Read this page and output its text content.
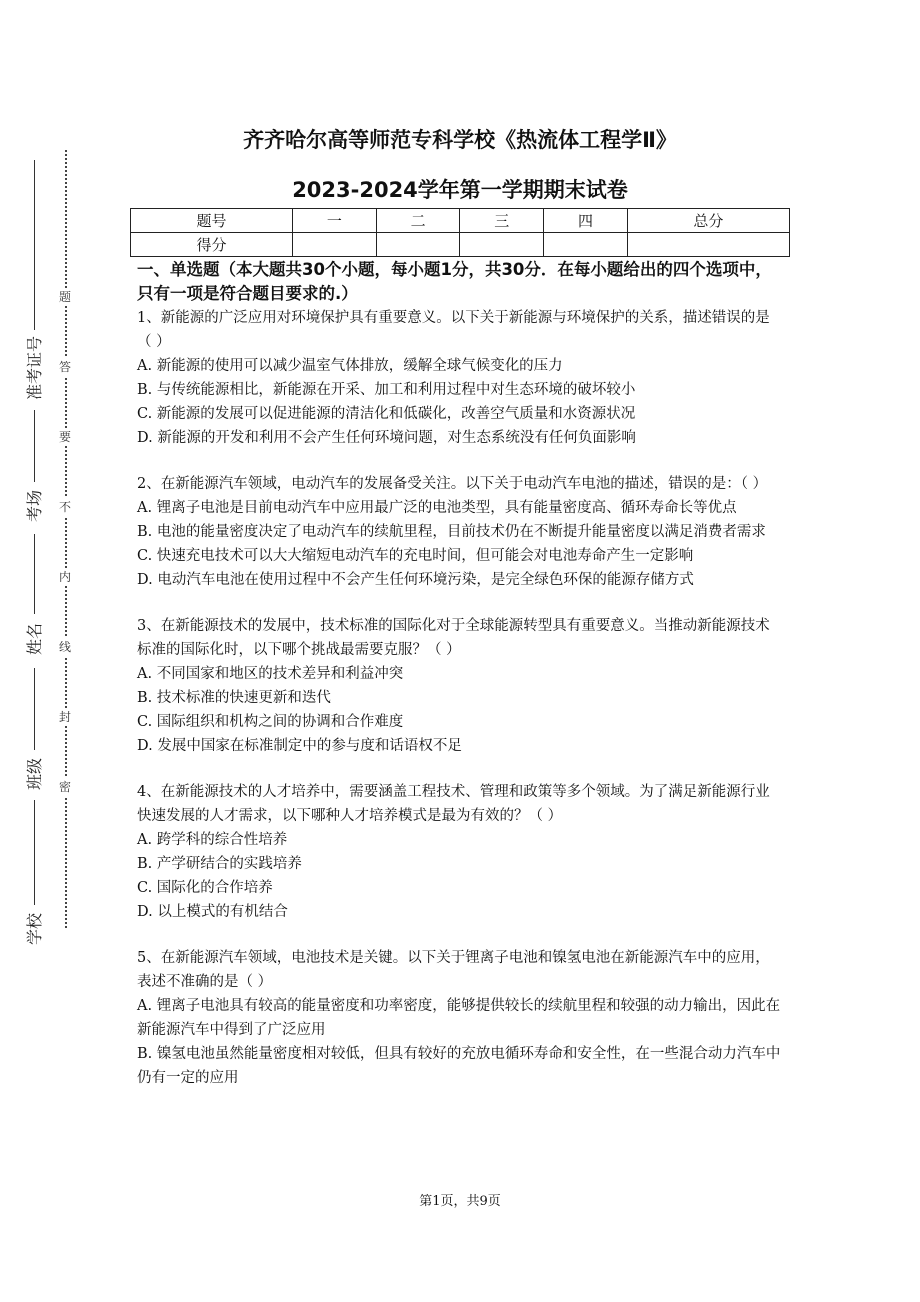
准考证号
考场
姓名
班级
学校
题
答
要
不
内
线
封
密
齐齐哈尔高等师范专科学校《热流体工程学Ⅱ》
2023-2024学年第一学期期末试卷
题号	一	二	三	四	总分
得分					
一、单选题（本大题共30个小题，每小题1分，共30分．在每小题给出的四个选项中，只有一项是符合题目要求的.）

1、新能源的广泛应用对环境保护具有重要意义。以下关于新能源与环境保护的关系，描述错误的是（ ）

A. 新能源的使用可以减少温室气体排放，缓解全球气候变化的压力

B. 与传统能源相比，新能源在开采、加工和利用过程中对生态环境的破坏较小

C. 新能源的发展可以促进能源的清洁化和低碳化，改善空气质量和水资源状况

D. 新能源的开发和利用不会产生任何环境问题，对生态系统没有任何负面影响

2、在新能源汽车领域，电动汽车的发展备受关注。以下关于电动汽车电池的描述，错误的是：（ ）

A. 锂离子电池是目前电动汽车中应用最广泛的电池类型，具有能量密度高、循环寿命长等优点

B. 电池的能量密度决定了电动汽车的续航里程，目前技术仍在不断提升能量密度以满足消费者需求

C. 快速充电技术可以大大缩短电动汽车的充电时间，但可能会对电池寿命产生一定影响

D. 电动汽车电池在使用过程中不会产生任何环境污染，是完全绿色环保的能源存储方式

3、在新能源技术的发展中，技术标准的国际化对于全球能源转型具有重要意义。当推动新能源技术标准的国际化时，以下哪个挑战最需要克服？（ ）

A. 不同国家和地区的技术差异和利益冲突

B. 技术标准的快速更新和迭代

C. 国际组织和机构之间的协调和合作难度

D. 发展中国家在标准制定中的参与度和话语权不足

4、在新能源技术的人才培养中，需要涵盖工程技术、管理和政策等多个领域。为了满足新能源行业快速发展的人才需求，以下哪种人才培养模式是最为有效的？（ ）

A. 跨学科的综合性培养

B. 产学研结合的实践培养

C. 国际化的合作培养

D. 以上模式的有机结合

5、在新能源汽车领域，电池技术是关键。以下关于锂离子电池和镍氢电池在新能源汽车中的应用，表述不准确的是（ ）

A. 锂离子电池具有较高的能量密度和功率密度，能够提供较长的续航里程和较强的动力输出，因此在新能源汽车中得到了广泛应用

B. 镍氢电池虽然能量密度相对较低，但具有较好的充放电循环寿命和安全性，在一些混合动力汽车中仍有一定的应用

第1页，共9页
